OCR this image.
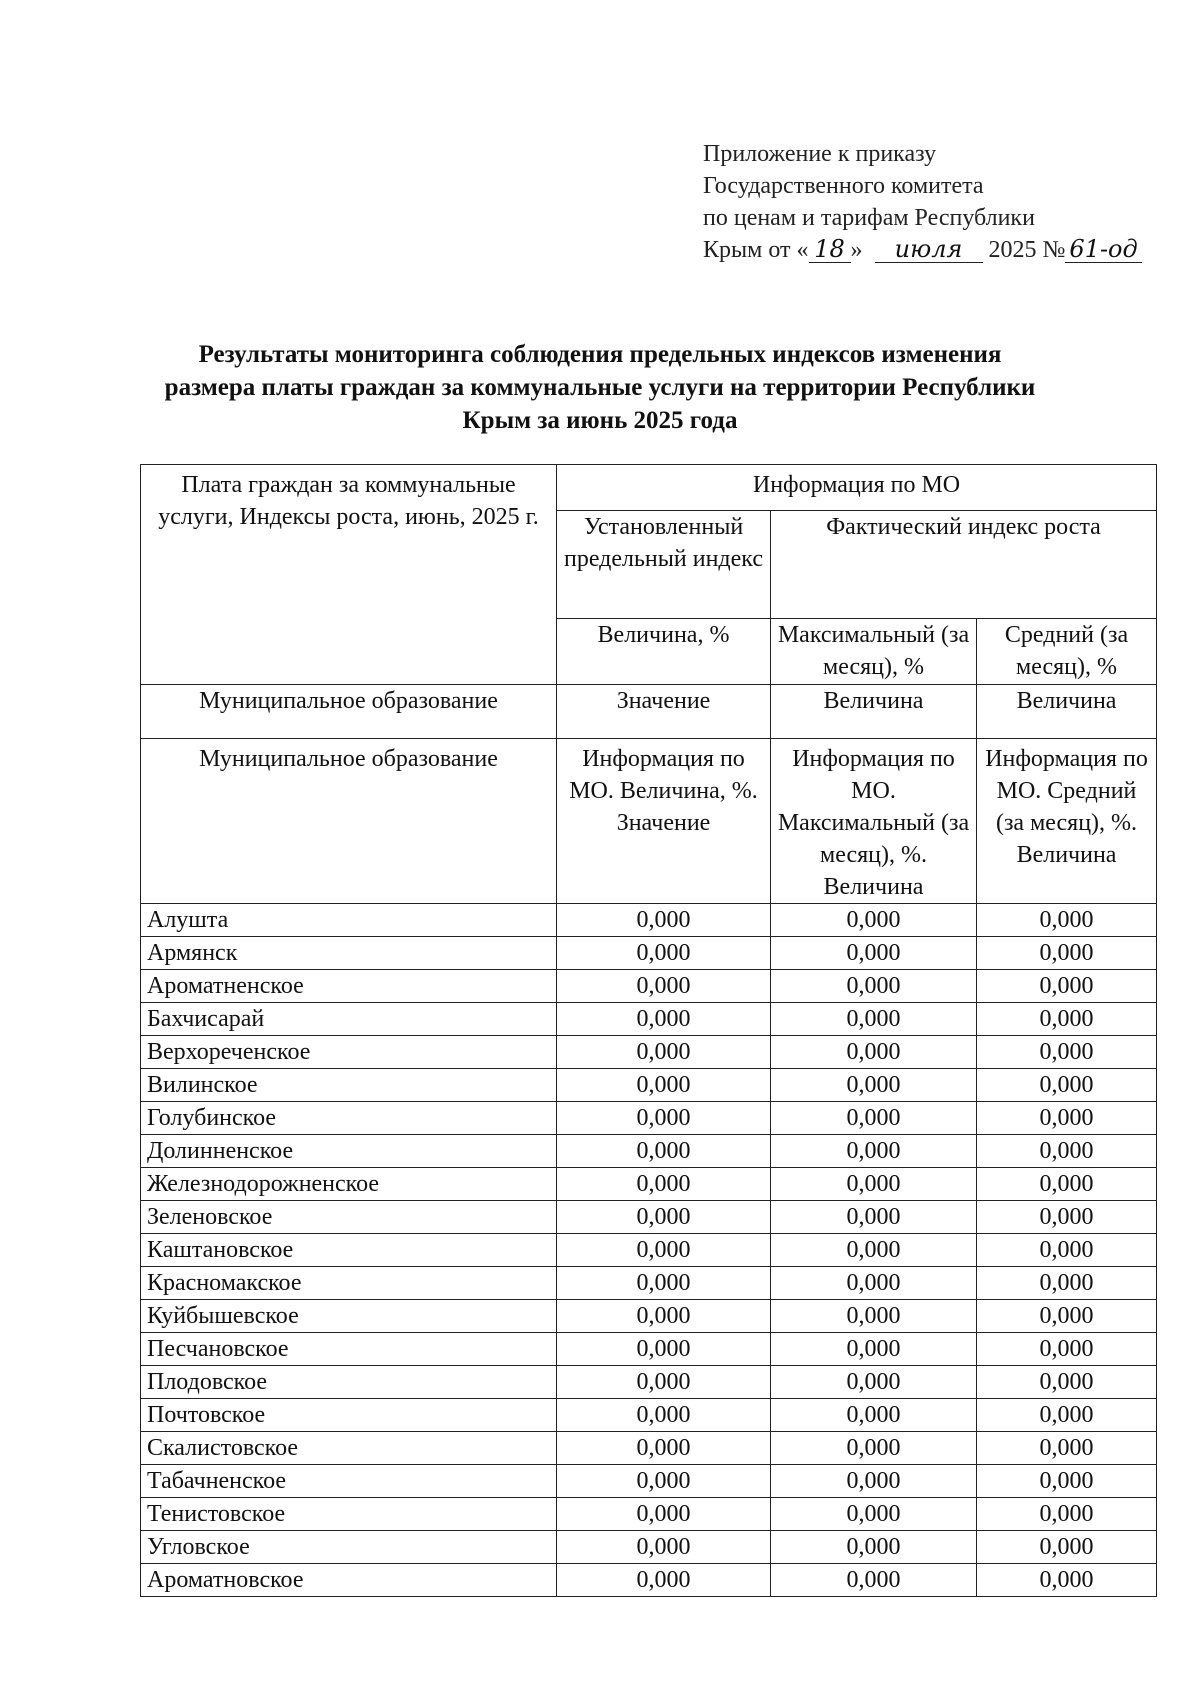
Приложение к приказу
Государственного комитета
по ценам и тарифам Республики
Крым от « 18 » июля 2025 № 61-од
Результаты мониторинга соблюдения предельных индексов изменения
размера платы граждан за коммунальные услуги на территории Республики
Крым за июнь 2025 года
Плата граждан за коммунальные услуги, Индексы роста, июнь, 2025 г.	Информация по МО		
	Установленный предельный индекс	Фактический индекс роста	
	Величина, %	Максимальный (за месяц), %	Средний (за месяц), %
Муниципальное образование	Значение	Величина	Величина
Муниципальное образование	Информация по МО. Величина, %. Значение	Информация по МО. Максимальный (за месяц), %. Величина	Информация по МО. Средний (за месяц), %. Величина
Алушта	0,000	0,000	0,000
Армянск	0,000	0,000	0,000
Ароматненское	0,000	0,000	0,000
Бахчисарай	0,000	0,000	0,000
Верхореченское	0,000	0,000	0,000
Вилинское	0,000	0,000	0,000
Голубинское	0,000	0,000	0,000
Долинненское	0,000	0,000	0,000
Железнодорожненское	0,000	0,000	0,000
Зеленовское	0,000	0,000	0,000
Каштановское	0,000	0,000	0,000
Красномакское	0,000	0,000	0,000
Куйбышевское	0,000	0,000	0,000
Песчановское	0,000	0,000	0,000
Плодовское	0,000	0,000	0,000
Почтовское	0,000	0,000	0,000
Скалистовское	0,000	0,000	0,000
Табачненское	0,000	0,000	0,000
Тенистовское	0,000	0,000	0,000
Угловское	0,000	0,000	0,000
Ароматновское	0,000	0,000	0,000
